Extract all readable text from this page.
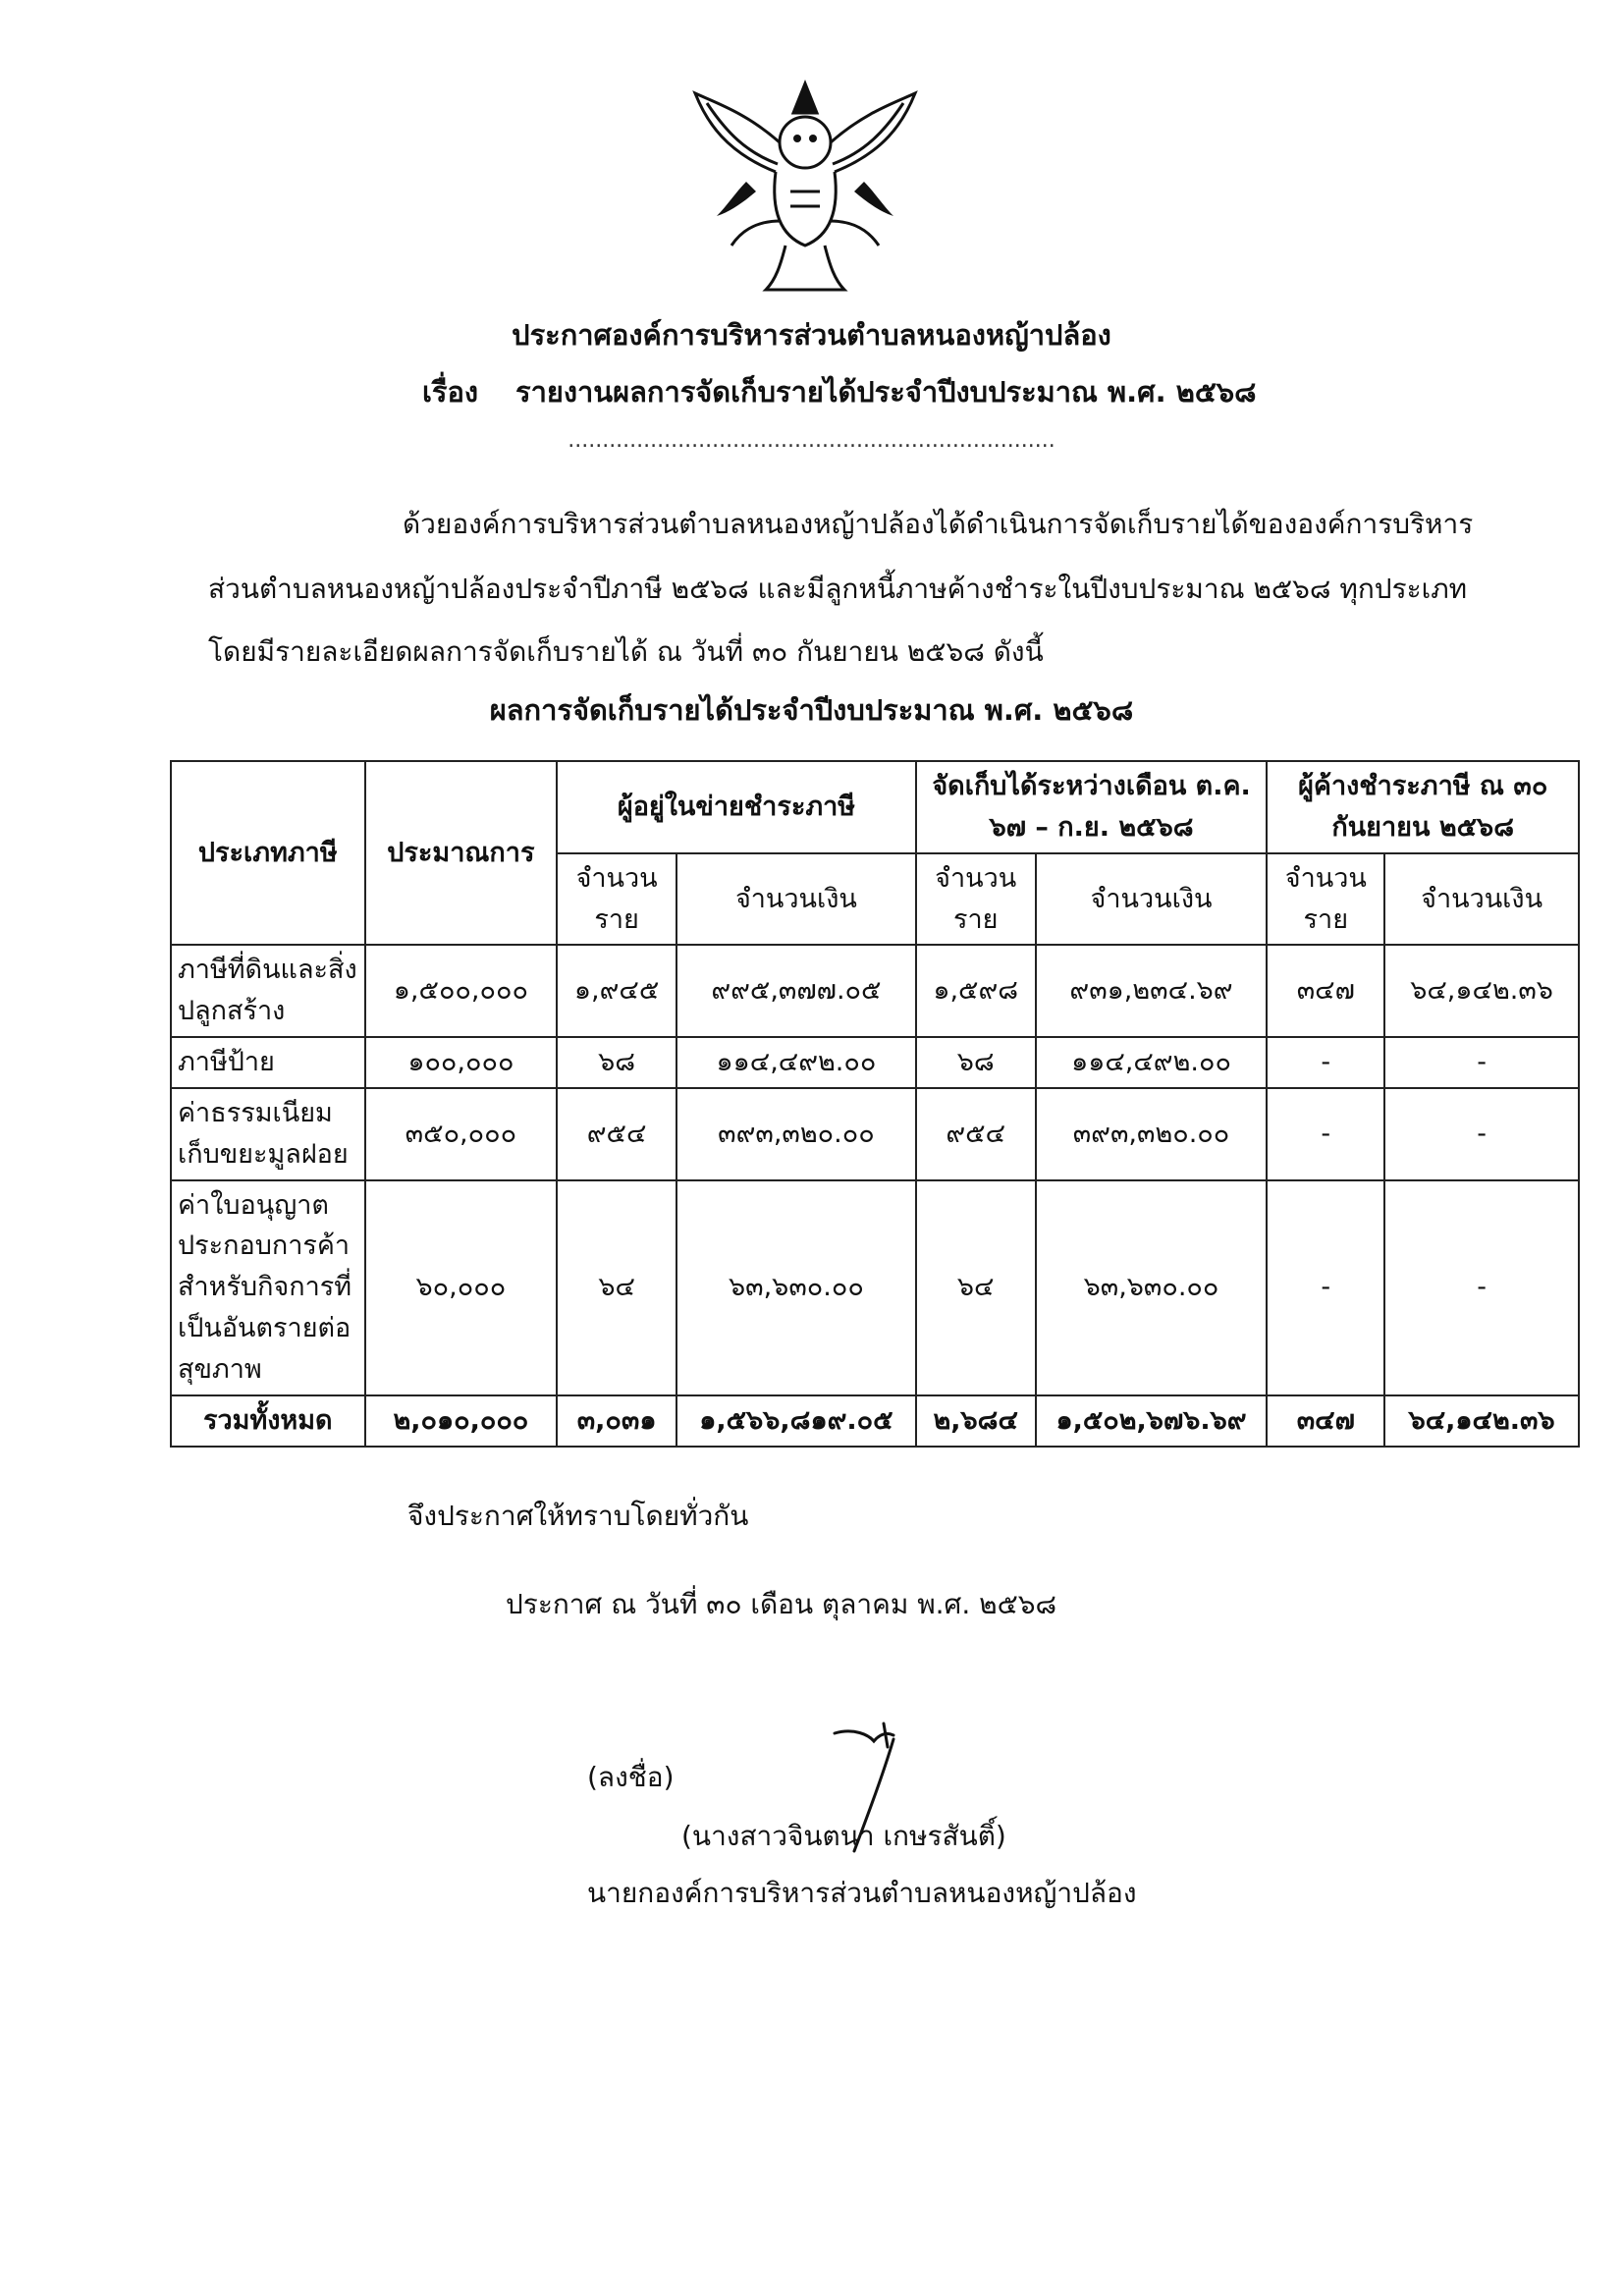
ประกาศองค์การบริหารส่วนตำบลหนองหญ้าปล้อง
เรื่อง รายงานผลการจัดเก็บรายได้ประจำปีงบประมาณ พ.ศ. ๒๕๖๘
.......................................................................
ด้วยองค์การบริหารส่วนตำบลหนองหญ้าปล้องได้ดำเนินการจัดเก็บรายได้ขององค์การบริหาร
ส่วนตำบลหนองหญ้าปล้องประจำปีภาษี ๒๕๖๘ และมีลูกหนี้ภาษค้างชำระในปีงบประมาณ ๒๕๖๘ ทุกประเภท
โดยมีรายละเอียดผลการจัดเก็บรายได้ ณ วันที่ ๓๐ กันยายน ๒๕๖๘ ดังนี้
ผลการจัดเก็บรายได้ประจำปีงบประมาณ พ.ศ. ๒๕๖๘
ประเภทภาษี	ประมาณการ	ผู้อยู่ในข่ายชำระภาษี		จัดเก็บได้ระหว่างเดือน ต.ค. ๖๗ – ก.ย. ๒๕๖๘		ผู้ค้างชำระภาษี ณ ๓๐ กันยายน ๒๕๖๘	
		จำนวนราย	จำนวนเงิน	จำนวนราย	จำนวนเงิน	จำนวนราย	จำนวนเงิน
ภาษีที่ดินและสิ่งปลูกสร้าง	๑,๕๐๐,๐๐๐	๑,๙๔๕	๙๙๕,๓๗๗.๐๕	๑,๕๙๘	๙๓๑,๒๓๔.๖๙	๓๔๗	๖๔,๑๔๒.๓๖
ภาษีป้าย	๑๐๐,๐๐๐	๖๘	๑๑๔,๔๙๒.๐๐	๖๘	๑๑๔,๔๙๒.๐๐	-	-
ค่าธรรมเนียมเก็บขยะมูลฝอย	๓๕๐,๐๐๐	๙๕๔	๓๙๓,๓๒๐.๐๐	๙๕๔	๓๙๓,๓๒๐.๐๐	-	-
ค่าใบอนุญาตประกอบการค้าสำหรับกิจการที่เป็นอันตรายต่อสุขภาพ	๖๐,๐๐๐	๖๔	๖๓,๖๓๐.๐๐	๖๔	๖๓,๖๓๐.๐๐	-	-
รวมทั้งหมด	๒,๐๑๐,๐๐๐	๓,๐๓๑	๑,๕๖๖,๘๑๙.๐๕	๒,๖๘๔	๑,๕๐๒,๖๗๖.๖๙	๓๔๗	๖๔,๑๔๒.๓๖
จึงประกาศให้ทราบโดยทั่วกัน
ประกาศ ณ วันที่ ๓๐ เดือน ตุลาคม พ.ศ. ๒๕๖๘
(ลงชื่อ)
(นางสาวจินตนา เกษรสันติ์)
นายกองค์การบริหารส่วนตำบลหนองหญ้าปล้อง
